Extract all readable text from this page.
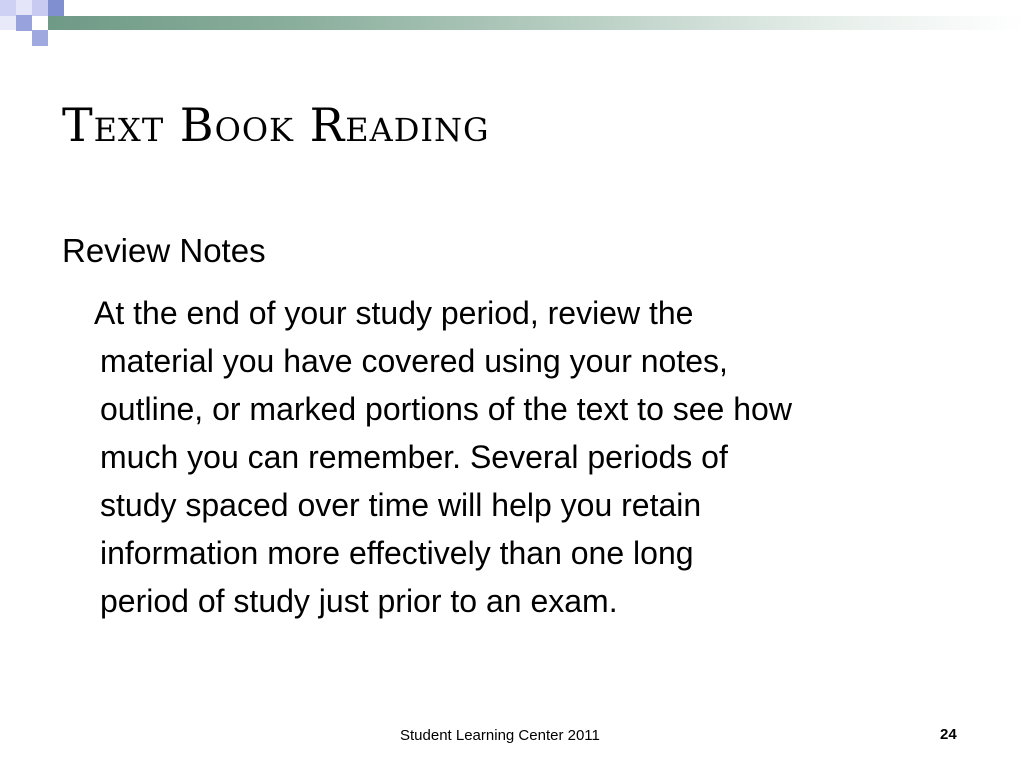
Text Book Reading
Review Notes
At the end of your study period, review the
material you have covered using your notes,
outline, or marked portions of the text to see how
much you can remember. Several periods of
study spaced over time will help you retain
information more effectively than one long
period of study just prior to an exam.
Student Learning Center 2011	24
